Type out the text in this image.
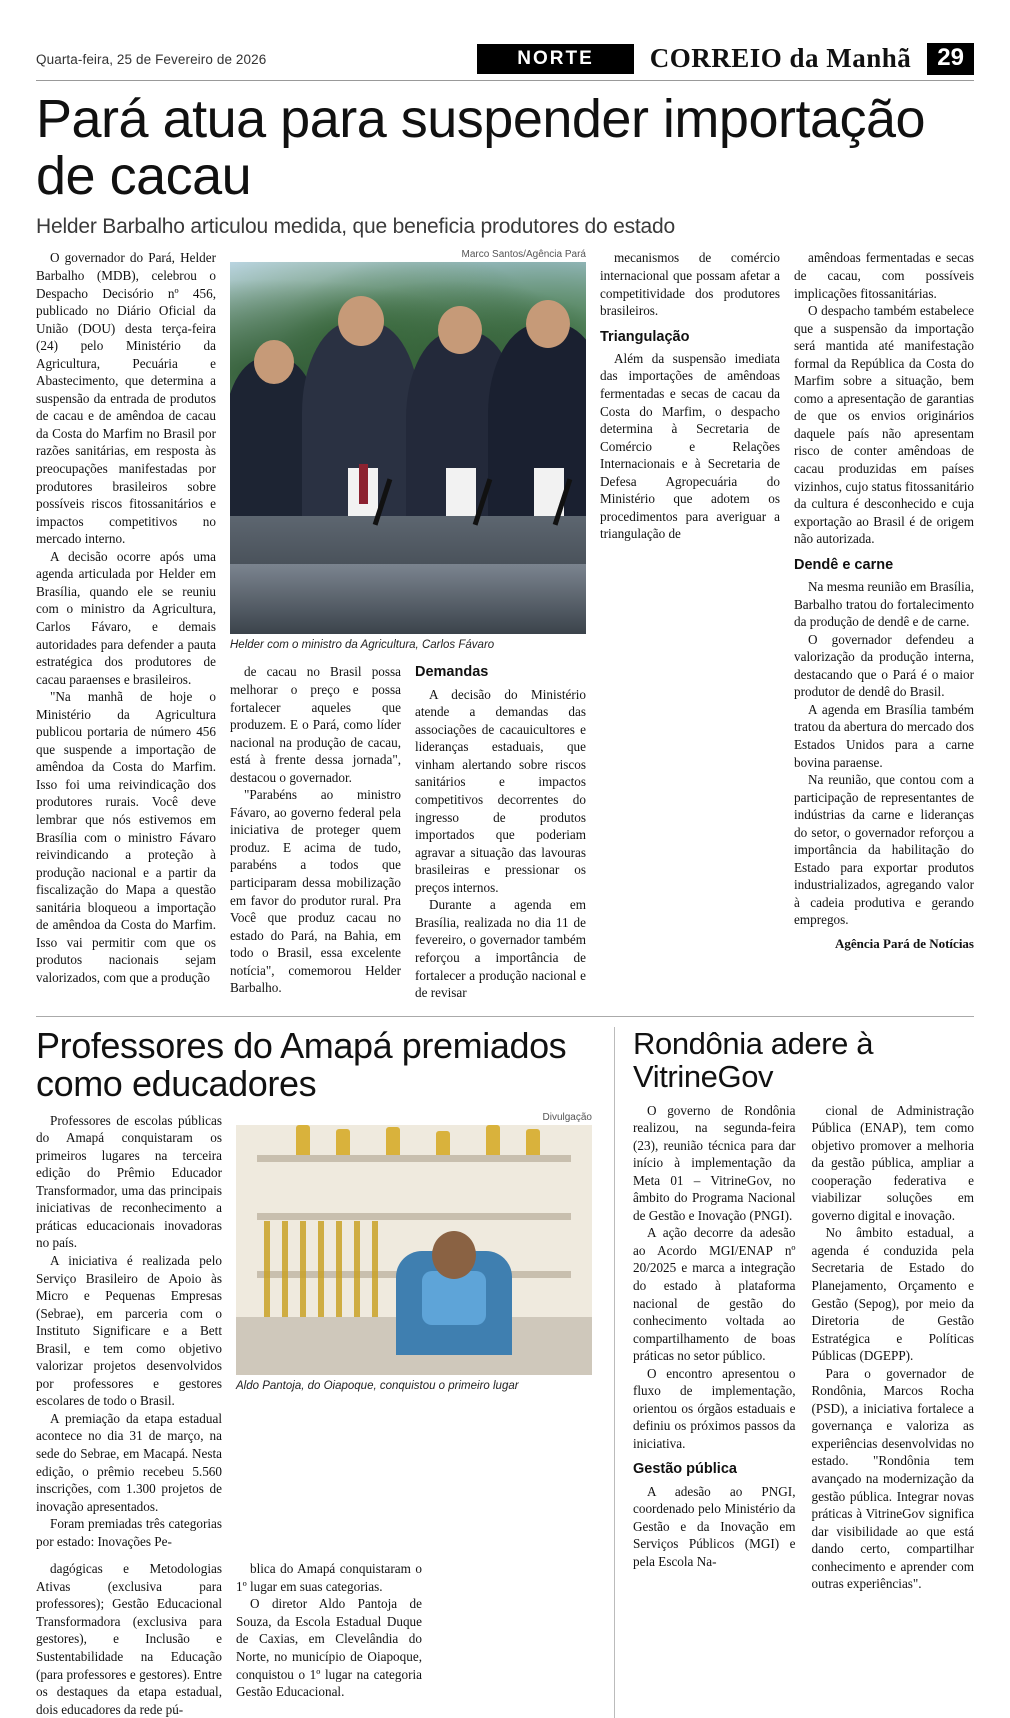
Quarta-feira, 25 de Fevereiro de 2026	NORTE	CORREIO da Manhã	29
Pará atua para suspender importação de cacau
Helder Barbalho articulou medida, que beneficia produtores do estado

O governador do Pará, Helder Barbalho (MDB), celebrou o Despacho Decisório nº 456, publicado no Diário Oficial da União (DOU) desta terça-feira (24) pelo Ministério da Agricultura, Pecuária e Abastecimento, que determina a suspensão da entrada de produtos de cacau e de amêndoa de cacau da Costa do Marfim no Brasil por razões sanitárias, em resposta às preocupações manifestadas por produtores brasileiros sobre possíveis riscos fitossanitários e impactos competitivos no mercado interno.

A decisão ocorre após uma agenda articulada por Helder em Brasília, quando ele se reuniu com o ministro da Agricultura, Carlos Fávaro, e demais autoridades para defender a pauta estratégica dos produtores de cacau paraenses e brasileiros.

"Na manhã de hoje o Ministério da Agricultura publicou portaria de número 456 que suspende a importação de amêndoa da Costa do Marfim. Isso foi uma reivindicação dos produtores rurais. Você deve lembrar que nós estivemos em Brasília com o ministro Fávaro reivindicando a proteção à produção nacional e a partir da fiscalização do Mapa a questão sanitária bloqueou a importação de amêndoa da Costa do Marfim. Isso vai permitir com que os produtos nacionais sejam valorizados, com que a produção

Marco Santos/Agência Pará
Helder com o ministro da Agricultura, Carlos Fávaro

de cacau no Brasil possa melhorar o preço e possa fortalecer aqueles que produzem. E o Pará, como líder nacional na produção de cacau, está à frente dessa jornada", destacou o governador.

"Parabéns ao ministro Fávaro, ao governo federal pela iniciativa de proteger quem produz. E acima de tudo, parabéns a todos que participaram dessa mobilização em favor do produtor rural. Pra Você que produz cacau no estado do Pará, na Bahia, em todo o Brasil, essa excelente notícia", comemorou Helder Barbalho.

Demandas

A decisão do Ministério atende a demandas das associações de cacauicultores e lideranças estaduais, que vinham alertando sobre riscos sanitários e impactos competitivos decorrentes do ingresso de produtos importados que poderiam agravar a situação das lavouras brasileiras e pressionar os preços internos.

Durante a agenda em Brasília, realizada no dia 11 de fevereiro, o governador também reforçou a importância de fortalecer a produção nacional e de revisar

mecanismos de comércio internacional que possam afetar a competitividade dos produtores brasileiros.

Triangulação

Além da suspensão imediata das importações de amêndoas fermentadas e secas de cacau da Costa do Marfim, o despacho determina à Secretaria de Comércio e Relações Internacionais e à Secretaria de Defesa Agropecuária do Ministério que adotem os procedimentos para averiguar a triangulação de

amêndoas fermentadas e secas de cacau, com possíveis implicações fitossanitárias.

O despacho também estabelece que a suspensão da importação será mantida até manifestação formal da República da Costa do Marfim sobre a situação, bem como a apresentação de garantias de que os envios originários daquele país não apresentam risco de conter amêndoas de cacau produzidas em países vizinhos, cujo status fitossanitário da cultura é desconhecido e cuja exportação ao Brasil é de origem não autorizada.

Dendê e carne

Na mesma reunião em Brasília, Barbalho tratou do fortalecimento da produção de dendê e de carne.

O governador defendeu a valorização da produção interna, destacando que o Pará é o maior produtor de dendê do Brasil.

A agenda em Brasília também tratou da abertura do mercado dos Estados Unidos para a carne bovina paraense.

Na reunião, que contou com a participação de representantes de indústrias da carne e lideranças do setor, o governador reforçou a importância da habilitação do Estado para exportar produtos industrializados, agregando valor à cadeia produtiva e gerando empregos.

Agência Pará de Notícias
Professores do Amapá premiados como educadores

Professores de escolas públicas do Amapá conquistaram os primeiros lugares na terceira edição do Prêmio Educador Transformador, uma das principais iniciativas de reconhecimento a práticas educacionais inovadoras no país.

A iniciativa é realizada pelo Serviço Brasileiro de Apoio às Micro e Pequenas Empresas (Sebrae), em parceria com o Instituto Significare e a Bett Brasil, e tem como objetivo valorizar projetos desenvolvidos por professores e gestores escolares de todo o Brasil.

A premiação da etapa estadual acontece no dia 31 de março, na sede do Sebrae, em Macapá. Nesta edição, o prêmio recebeu 5.560 inscrições, com 1.300 projetos de inovação apresentados.

Foram premiadas três categorias por estado: Inovações Pe-

Divulgação
Aldo Pantoja, do Oiapoque, conquistou o primeiro lugar

dagógicas e Metodologias Ativas (exclusiva para professores); Gestão Educacional Transformadora (exclusiva para gestores), e Inclusão e Sustentabilidade na Educação (para professores e gestores). Entre os destaques da etapa estadual, dois educadores da rede pú-

blica do Amapá conquistaram o 1º lugar em suas categorias.

O diretor Aldo Pantoja de Souza, da Escola Estadual Duque de Caxias, em Clevelândia do Norte, no município de Oiapoque, conquistou o 1º lugar na categoria Gestão Educacional.

Rondônia adere à VitrineGov

O governo de Rondônia realizou, na segunda-feira (23), reunião técnica para dar início à implementação da Meta 01 – VitrineGov, no âmbito do Programa Nacional de Gestão e Inovação (PNGI).

A ação decorre da adesão ao Acordo MGI/ENAP nº 20/2025 e marca a integração do estado à plataforma nacional de gestão do conhecimento voltada ao compartilhamento de boas práticas no setor público.

O encontro apresentou o fluxo de implementação, orientou os órgãos estaduais e definiu os próximos passos da iniciativa.

Gestão pública

A adesão ao PNGI, coordenado pelo Ministério da Gestão e da Inovação em Serviços Públicos (MGI) e pela Escola Na-

cional de Administração Pública (ENAP), tem como objetivo promover a melhoria da gestão pública, ampliar a cooperação federativa e viabilizar soluções em governo digital e inovação.

No âmbito estadual, a agenda é conduzida pela Secretaria de Estado do Planejamento, Orçamento e Gestão (Sepog), por meio da Diretoria de Gestão Estratégica e Políticas Públicas (DGEPP).

Para o governador de Rondônia, Marcos Rocha (PSD), a iniciativa fortalece a governança e valoriza as experiências desenvolvidas no estado. "Rondônia tem avançado na modernização da gestão pública. Integrar novas práticas à VitrineGov significa dar visibilidade ao que está dando certo, compartilhar conhecimento e aprender com outras experiências".
